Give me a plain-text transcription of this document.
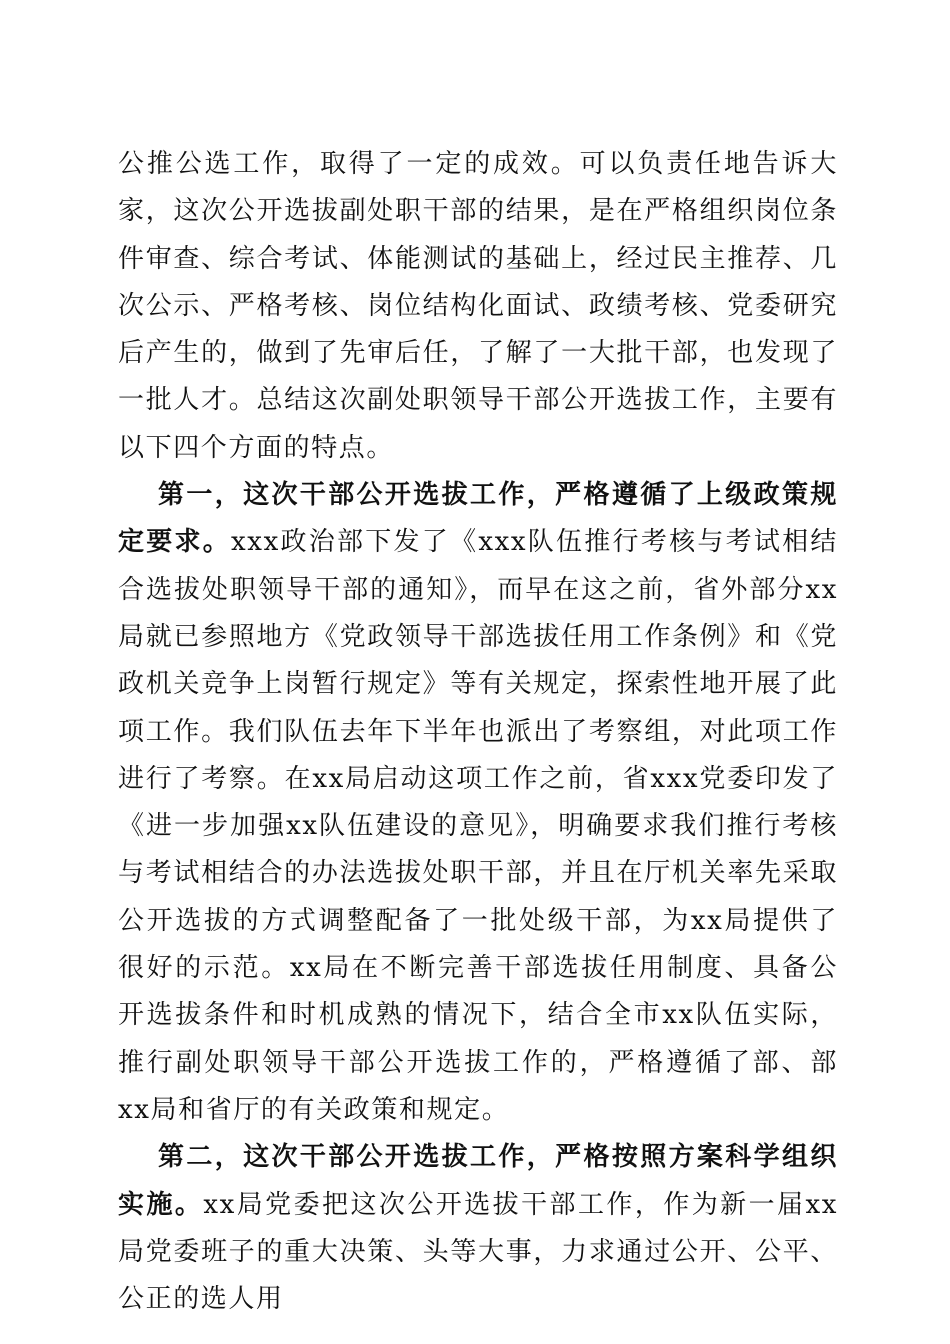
公推公选工作，取得了一定的成效。可以负责任地告诉大家，这次公开选拔副处职干部的结果，是在严格组织岗位条件审查、综合考试、体能测试的基础上，经过民主推荐、几次公示、严格考核、岗位结构化面试、政绩考核、党委研究后产生的，做到了先审后任，了解了一大批干部，也发现了一批人才。总结这次副处职领导干部公开选拔工作，主要有以下四个方面的特点。

第一，这次干部公开选拔工作，严格遵循了上级政策规定要求。xxx政治部下发了《xxx队伍推行考核与考试相结合选拔处职领导干部的通知》，而早在这之前，省外部分xx局就已参照地方《党政领导干部选拔任用工作条例》和《党政机关竞争上岗暂行规定》等有关规定，探索性地开展了此项工作。我们队伍去年下半年也派出了考察组，对此项工作进行了考察。在xx局启动这项工作之前，省xxx党委印发了《进一步加强xx队伍建设的意见》，明确要求我们推行考核与考试相结合的办法选拔处职干部，并且在厅机关率先采取公开选拔的方式调整配备了一批处级干部，为xx局提供了很好的示范。xx局在不断完善干部选拔任用制度、具备公开选拔条件和时机成熟的情况下，结合全市xx队伍实际，推行副处职领导干部公开选拔工作的，严格遵循了部、部xx局和省厅的有关政策和规定。

第二，这次干部公开选拔工作，严格按照方案科学组织实施。xx局党委把这次公开选拔干部工作，作为新一届xx局党委班子的重大决策、头等大事，力求通过公开、公平、公正的选人用
